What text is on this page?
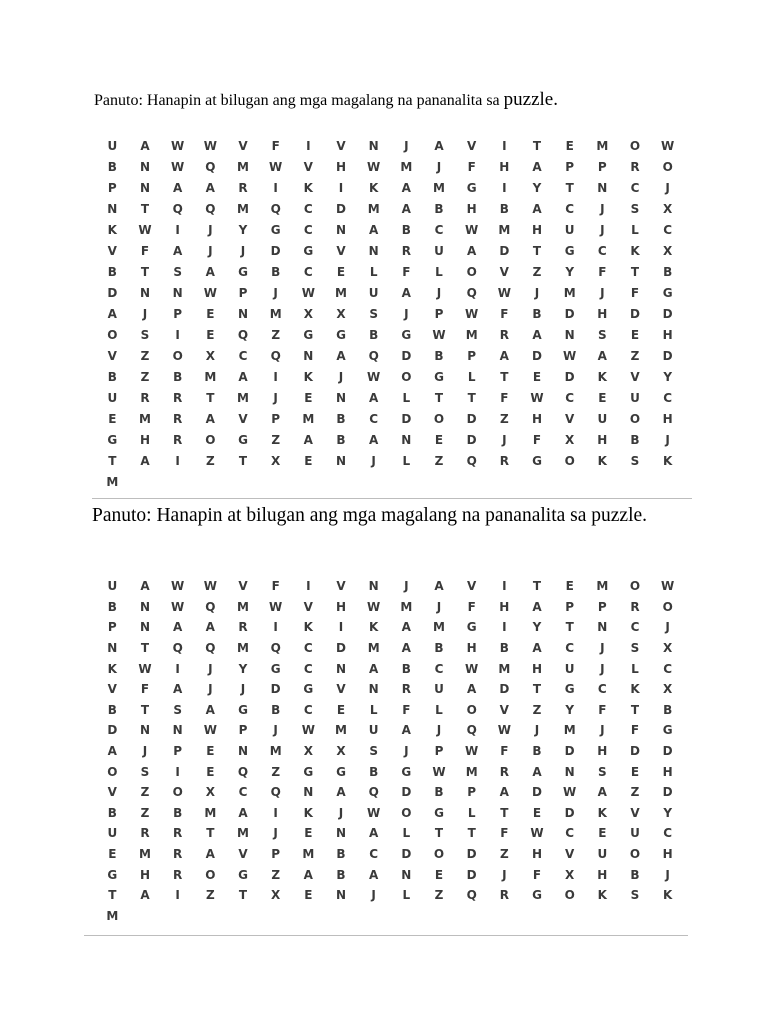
Panuto: Hanapin at bilugan ang mga magalang na pananalita sa puzzle.
U	A	W	W	V	F	I	V	N	J	A	V	I	T	E	M	O	W
B	N	W	Q	M	W	V	H	W	M	J	F	H	A	P	P	R	O
P	N	A	A	R	I	K	I	K	A	M	G	I	Y	T	N	C	J
N	T	Q	Q	M	Q	C	D	M	A	B	H	B	A	C	J	S	X
K	W	I	J	Y	G	C	N	A	B	C	W	M	H	U	J	L	C
V	F	A	J	J	D	G	V	N	R	U	A	D	T	G	C	K	X
B	T	S	A	G	B	C	E	L	F	L	O	V	Z	Y	F	T	B
D	N	N	W	P	J	W	M	U	A	J	Q	W	J	M	J	F	G
A	J	P	E	N	M	X	X	S	J	P	W	F	B	D	H	D	D
O	S	I	E	Q	Z	G	G	B	G	W	M	R	A	N	S	E	H
V	Z	O	X	C	Q	N	A	Q	D	B	P	A	D	W	A	Z	D
B	Z	B	M	A	I	K	J	W	O	G	L	T	E	D	K	V	Y
U	R	R	T	M	J	E	N	A	L	T	T	F	W	C	E	U	C
E	M	R	A	V	P	M	B	C	D	O	D	Z	H	V	U	O	H
G	H	R	O	G	Z	A	B	A	N	E	D	J	F	X	H	B	J
T	A	I	Z	T	X	E	N	J	L	Z	Q	R	G	O	K	S	K
M
Panuto: Hanapin at bilugan ang mga magalang na pananalita sa puzzle.
U	A	W	W	V	F	I	V	N	J	A	V	I	T	E	M	O	W
B	N	W	Q	M	W	V	H	W	M	J	F	H	A	P	P	R	O
P	N	A	A	R	I	K	I	K	A	M	G	I	Y	T	N	C	J
N	T	Q	Q	M	Q	C	D	M	A	B	H	B	A	C	J	S	X
K	W	I	J	Y	G	C	N	A	B	C	W	M	H	U	J	L	C
V	F	A	J	J	D	G	V	N	R	U	A	D	T	G	C	K	X
B	T	S	A	G	B	C	E	L	F	L	O	V	Z	Y	F	T	B
D	N	N	W	P	J	W	M	U	A	J	Q	W	J	M	J	F	G
A	J	P	E	N	M	X	X	S	J	P	W	F	B	D	H	D	D
O	S	I	E	Q	Z	G	G	B	G	W	M	R	A	N	S	E	H
V	Z	O	X	C	Q	N	A	Q	D	B	P	A	D	W	A	Z	D
B	Z	B	M	A	I	K	J	W	O	G	L	T	E	D	K	V	Y
U	R	R	T	M	J	E	N	A	L	T	T	F	W	C	E	U	C
E	M	R	A	V	P	M	B	C	D	O	D	Z	H	V	U	O	H
G	H	R	O	G	Z	A	B	A	N	E	D	J	F	X	H	B	J
T	A	I	Z	T	X	E	N	J	L	Z	Q	R	G	O	K	S	K
M
